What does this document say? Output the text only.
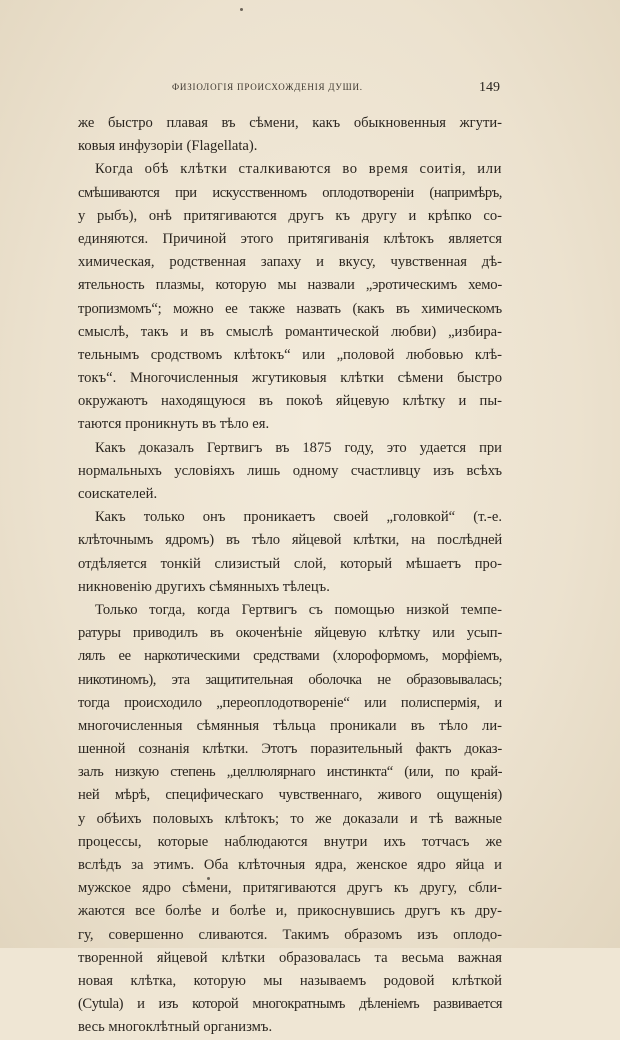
ФИЗIОЛОГIЯ ПРОИСХОЖДЕНIЯ ДУШИ.	149
же быстро плавая въ сѣмени, какъ обыкновенныя жгути-
ковыя инфузорiи (Flagellata).
Когда обѣ клѣтки сталкиваются во время соитiя, или
смѣшиваются при искусственномъ оплодотворенiи (напримѣръ,
у рыбъ), онѣ притягиваются другъ къ другу и крѣпко со-
единяются. Причиной этого притягиванiя клѣтокъ является
химическая, родственная запаху и вкусу, чувственная дѣ-
ятельность плазмы, которую мы назвали „эротическимъ хемо-
тропизмомъ“; можно ее также назвать (какъ въ химическомъ
смыслѣ, такъ и въ смыслѣ романтической любви) „избира-
тельнымъ сродствомъ клѣтокъ“ или „половой любовью клѣ-
токъ“. Многочисленныя жгутиковыя клѣтки сѣмени быстро
окружаютъ находящуюся въ покоѣ яйцевую клѣтку и пы-
таются проникнуть въ тѣло ея.
Какъ доказалъ Гертвигъ въ 1875 году, это удается при
нормальныхъ условiяхъ лишь одному счастливцу изъ всѣхъ
соискателей.
Какъ только онъ проникаетъ своей „головкой“ (т.-е.
клѣточнымъ ядромъ) въ тѣло яйцевой клѣтки, на послѣдней
отдѣляется тонкiй слизистый слой, который мѣшаетъ про-
никновенiю другихъ сѣмянныхъ тѣлецъ.
Только тогда, когда Гертвигъ съ помощью низкой темпе-
ратуры приводилъ въ окоченѣнiе яйцевую клѣтку или усып-
лялъ ее наркотическими средствами (хлороформомъ, морфiемъ,
никотиномъ), эта защитительная оболочка не образовывалась;
тогда происходило „переоплодотворенiе“ или полиспермiя, и
многочисленныя сѣмянныя тѣльца проникали въ тѣло ли-
шенной сознанiя клѣтки. Этотъ поразительный фактъ доказ-
залъ низкую степень „целлюлярнаго инстинкта“ (или, по край-
ней мѣрѣ, специфическаго чувственнаго, живого ощущенiя)
у обѣихъ половыхъ клѣтокъ; то же доказали и тѣ важные
процессы, которые наблюдаются внутри ихъ тотчасъ же
вслѣдъ за этимъ. Оба клѣточныя ядра, женское ядро яйца и
мужское ядро сѣмени, притягиваются другъ къ другу, сбли-
жаются все болѣе и болѣе и, прикоснувшись другъ къ дру-
гу, совершенно сливаются. Такимъ образомъ изъ оплодо-
творенной яйцевой клѣтки образовалась та весьма важная
новая клѣтка, которую мы называемъ родовой клѣткой
(Cytula) и изъ которой многократнымъ дѣленiемъ развивается
весь многоклѣтный организмъ.
